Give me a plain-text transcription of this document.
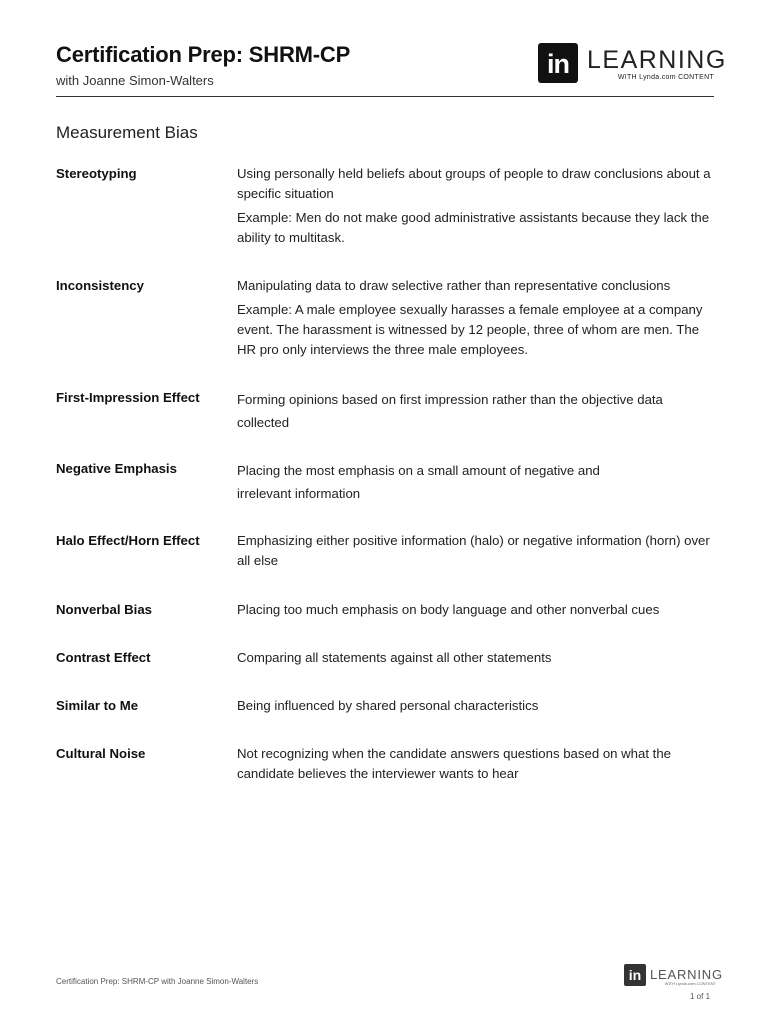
Certification Prep: SHRM-CP
with Joanne Simon-Walters
in LEARNING
WITH Lynda.com CONTENT
Measurement Bias
Stereotyping	Using personally held beliefs about groups of people to draw conclusions about a specific situation

Example: Men do not make good administrative assistants because they lack the ability to multitask.

Inconsistency	Manipulating data to draw selective rather than representative conclusions

Example: A male employee sexually harasses a female employee at a company event. The harassment is witnessed by 12 people, three of whom are men. The HR pro only interviews the three male employees.

First-Impression Effect	Forming opinions based on first impression rather than the objective data collected

Negative Emphasis	Placing the most emphasis on a small amount of negative and irrelevant information

Halo Effect/Horn Effect	Emphasizing either positive information (halo) or negative information (horn) over all else

Nonverbal Bias	Placing too much emphasis on body language and other nonverbal cues

Contrast Effect	Comparing all statements against all other statements

Similar to Me	Being influenced by shared personal characteristics

Cultural Noise	Not recognizing when the candidate answers questions based on what the candidate believes the interviewer wants to hear

Certification Prep: SHRM-CP with Joanne Simon-Walters	in LEARNING
WITH Lynda.com CONTENT
1 of 1
